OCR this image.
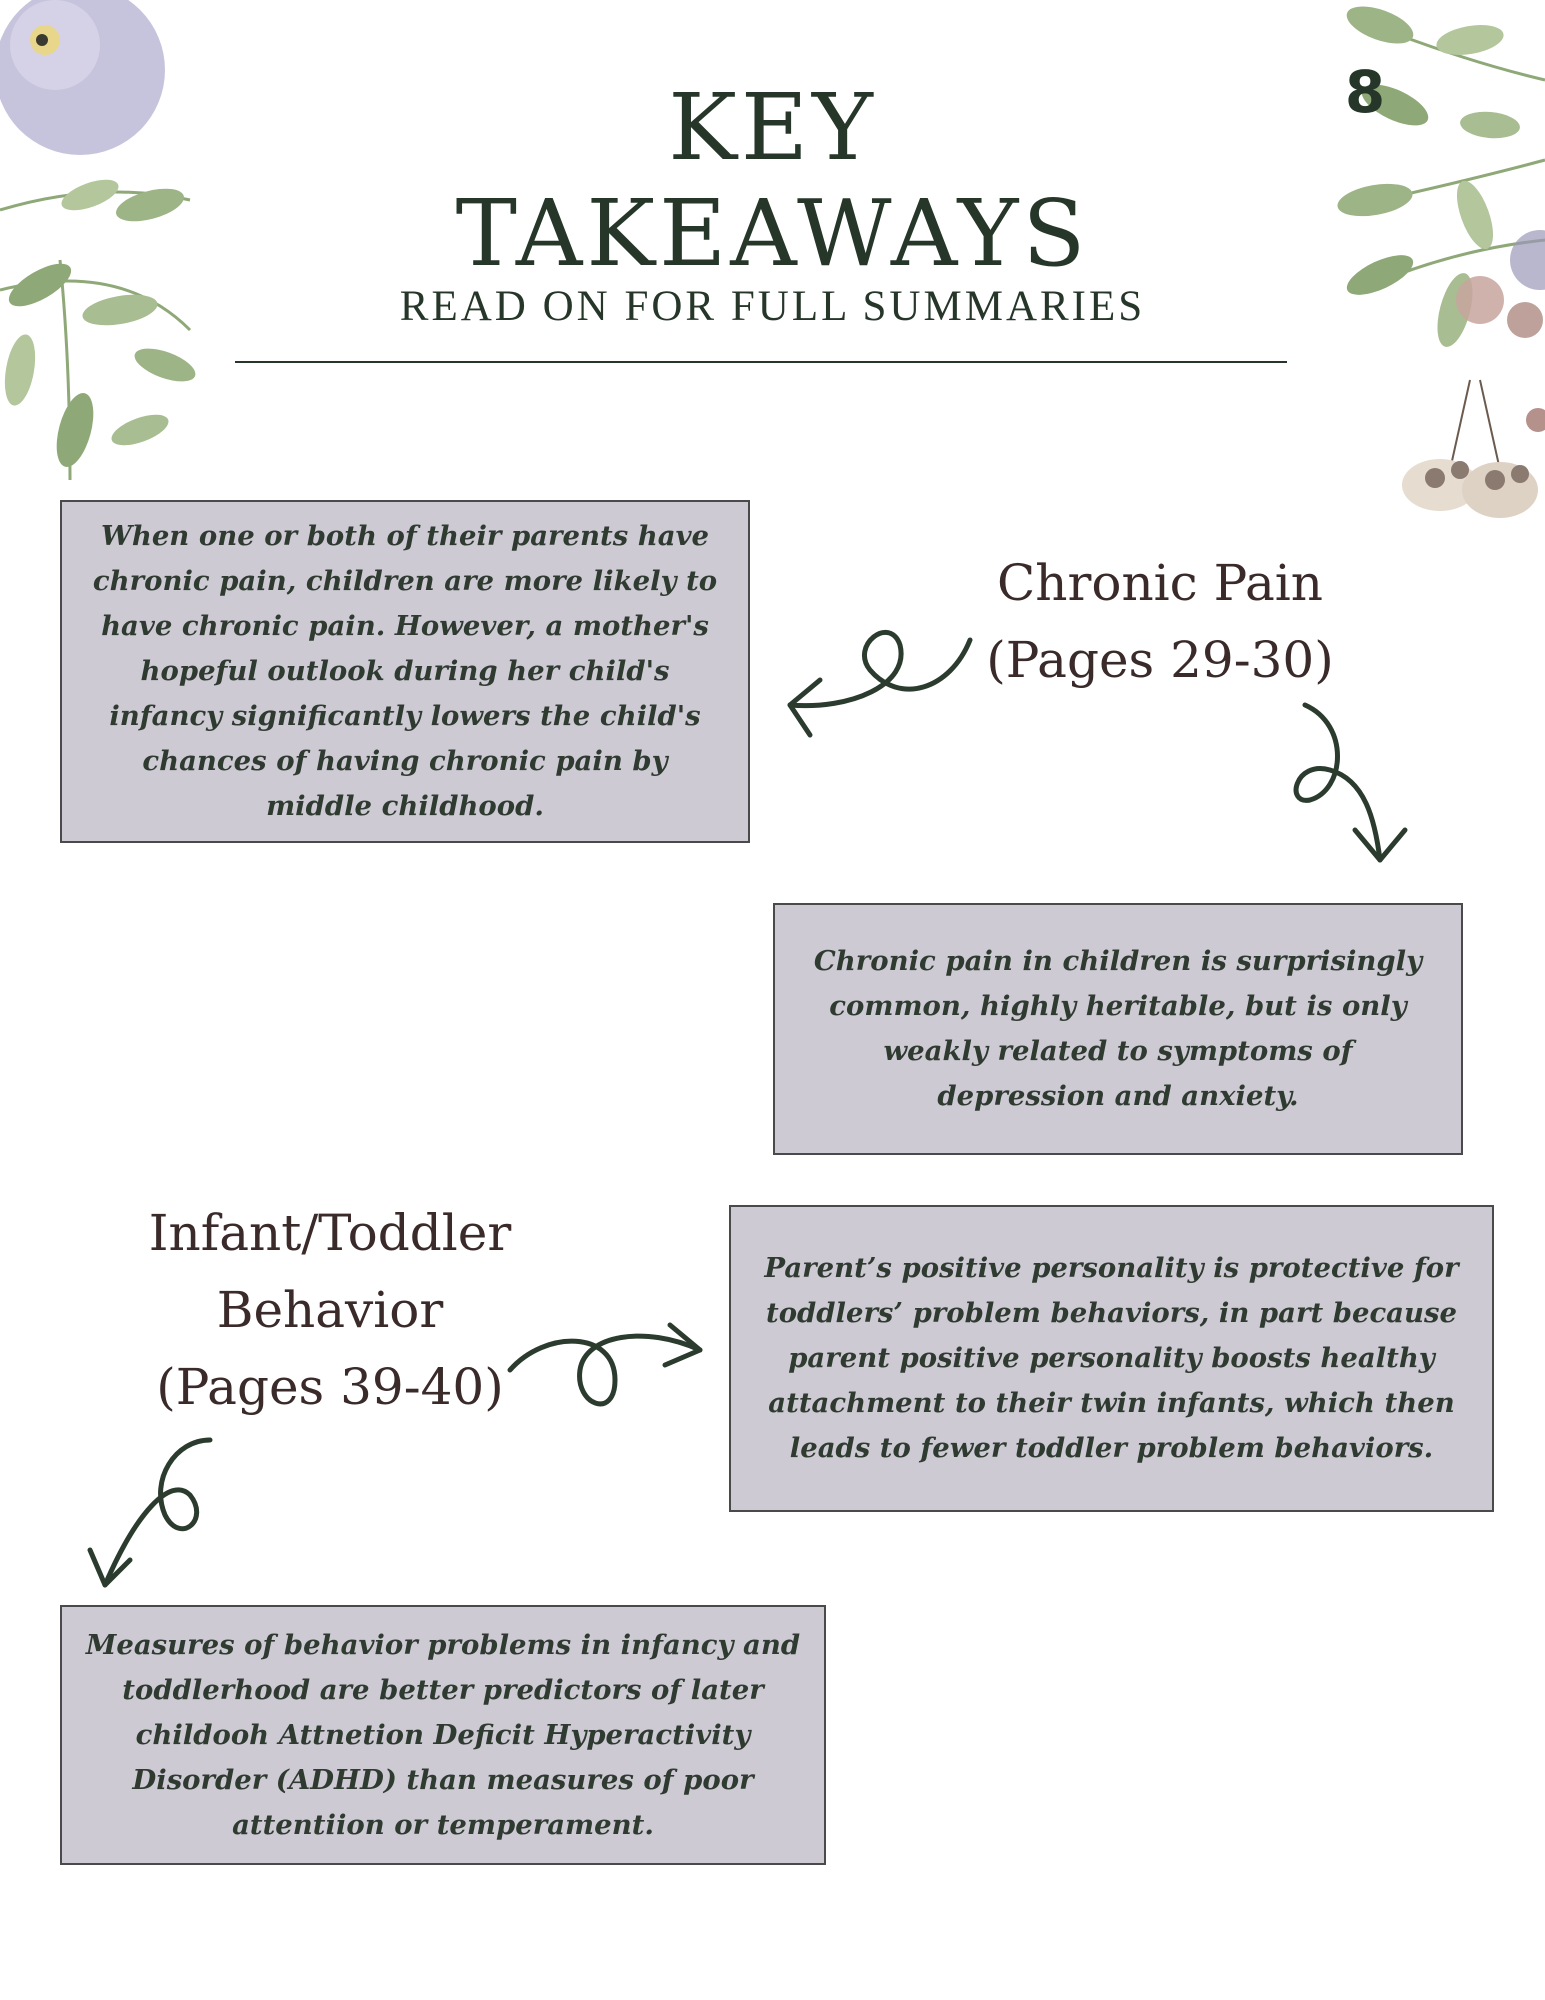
8
KEY
TAKEAWAYS
READ ON FOR FULL SUMMARIES
When one or both of their parents have chronic pain, children are more likely to have chronic pain. However, a mother's hopeful outlook during her child's infancy significantly lowers the child's chances of having chronic pain by middle childhood.
Chronic Pain
(Pages 29-30)
Chronic pain in children is surprisingly common, highly heritable, but is only weakly related to symptoms of depression and anxiety.
Infant/Toddler
Behavior
(Pages 39-40)
Parent’s positive personality is protective for toddlers’ problem behaviors, in part because parent positive personality boosts healthy attachment to their twin infants, which then leads to fewer toddler problem behaviors.
Measures of behavior problems in infancy and toddlerhood are better predictors of later childooh Attnetion Deficit Hyperactivity Disorder (ADHD) than measures of poor attentiion or temperament.
